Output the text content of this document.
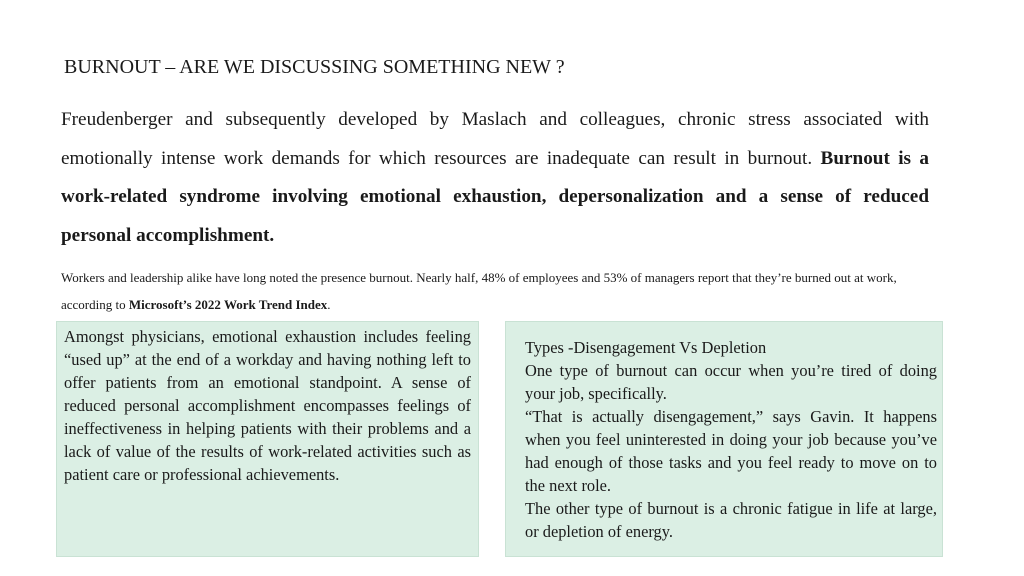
BURNOUT – ARE WE DISCUSSING SOMETHING NEW ?
Freudenberger and subsequently developed by Maslach and colleagues, chronic stress associated with emotionally intense work demands for which resources are inadequate can result in burnout. Burnout is a work-related syndrome involving emotional exhaustion, depersonalization and a sense of reduced personal accomplishment.
Workers and leadership alike have long noted the presence burnout. Nearly half, 48% of employees and 53% of managers report that they’re burned out at work, according to Microsoft’s 2022 Work Trend Index.

Amongst physicians, emotional exhaustion includes feeling “used up” at the end of a workday and having nothing left to offer patients from an emotional standpoint. A sense of reduced personal accomplishment encompasses feelings of ineffectiveness in helping patients with their problems and a lack of value of the results of work-related activities such as patient care or professional achievements.

Types -Disengagement Vs Depletion

One type of burnout can occur when you’re tired of doing your job, specifically.

“That is actually disengagement,” says Gavin. It happens when you feel uninterested in doing your job because you’ve had enough of those tasks and you feel ready to move on to the next role.

The other type of burnout is a chronic fatigue in life at large, or depletion of energy.
